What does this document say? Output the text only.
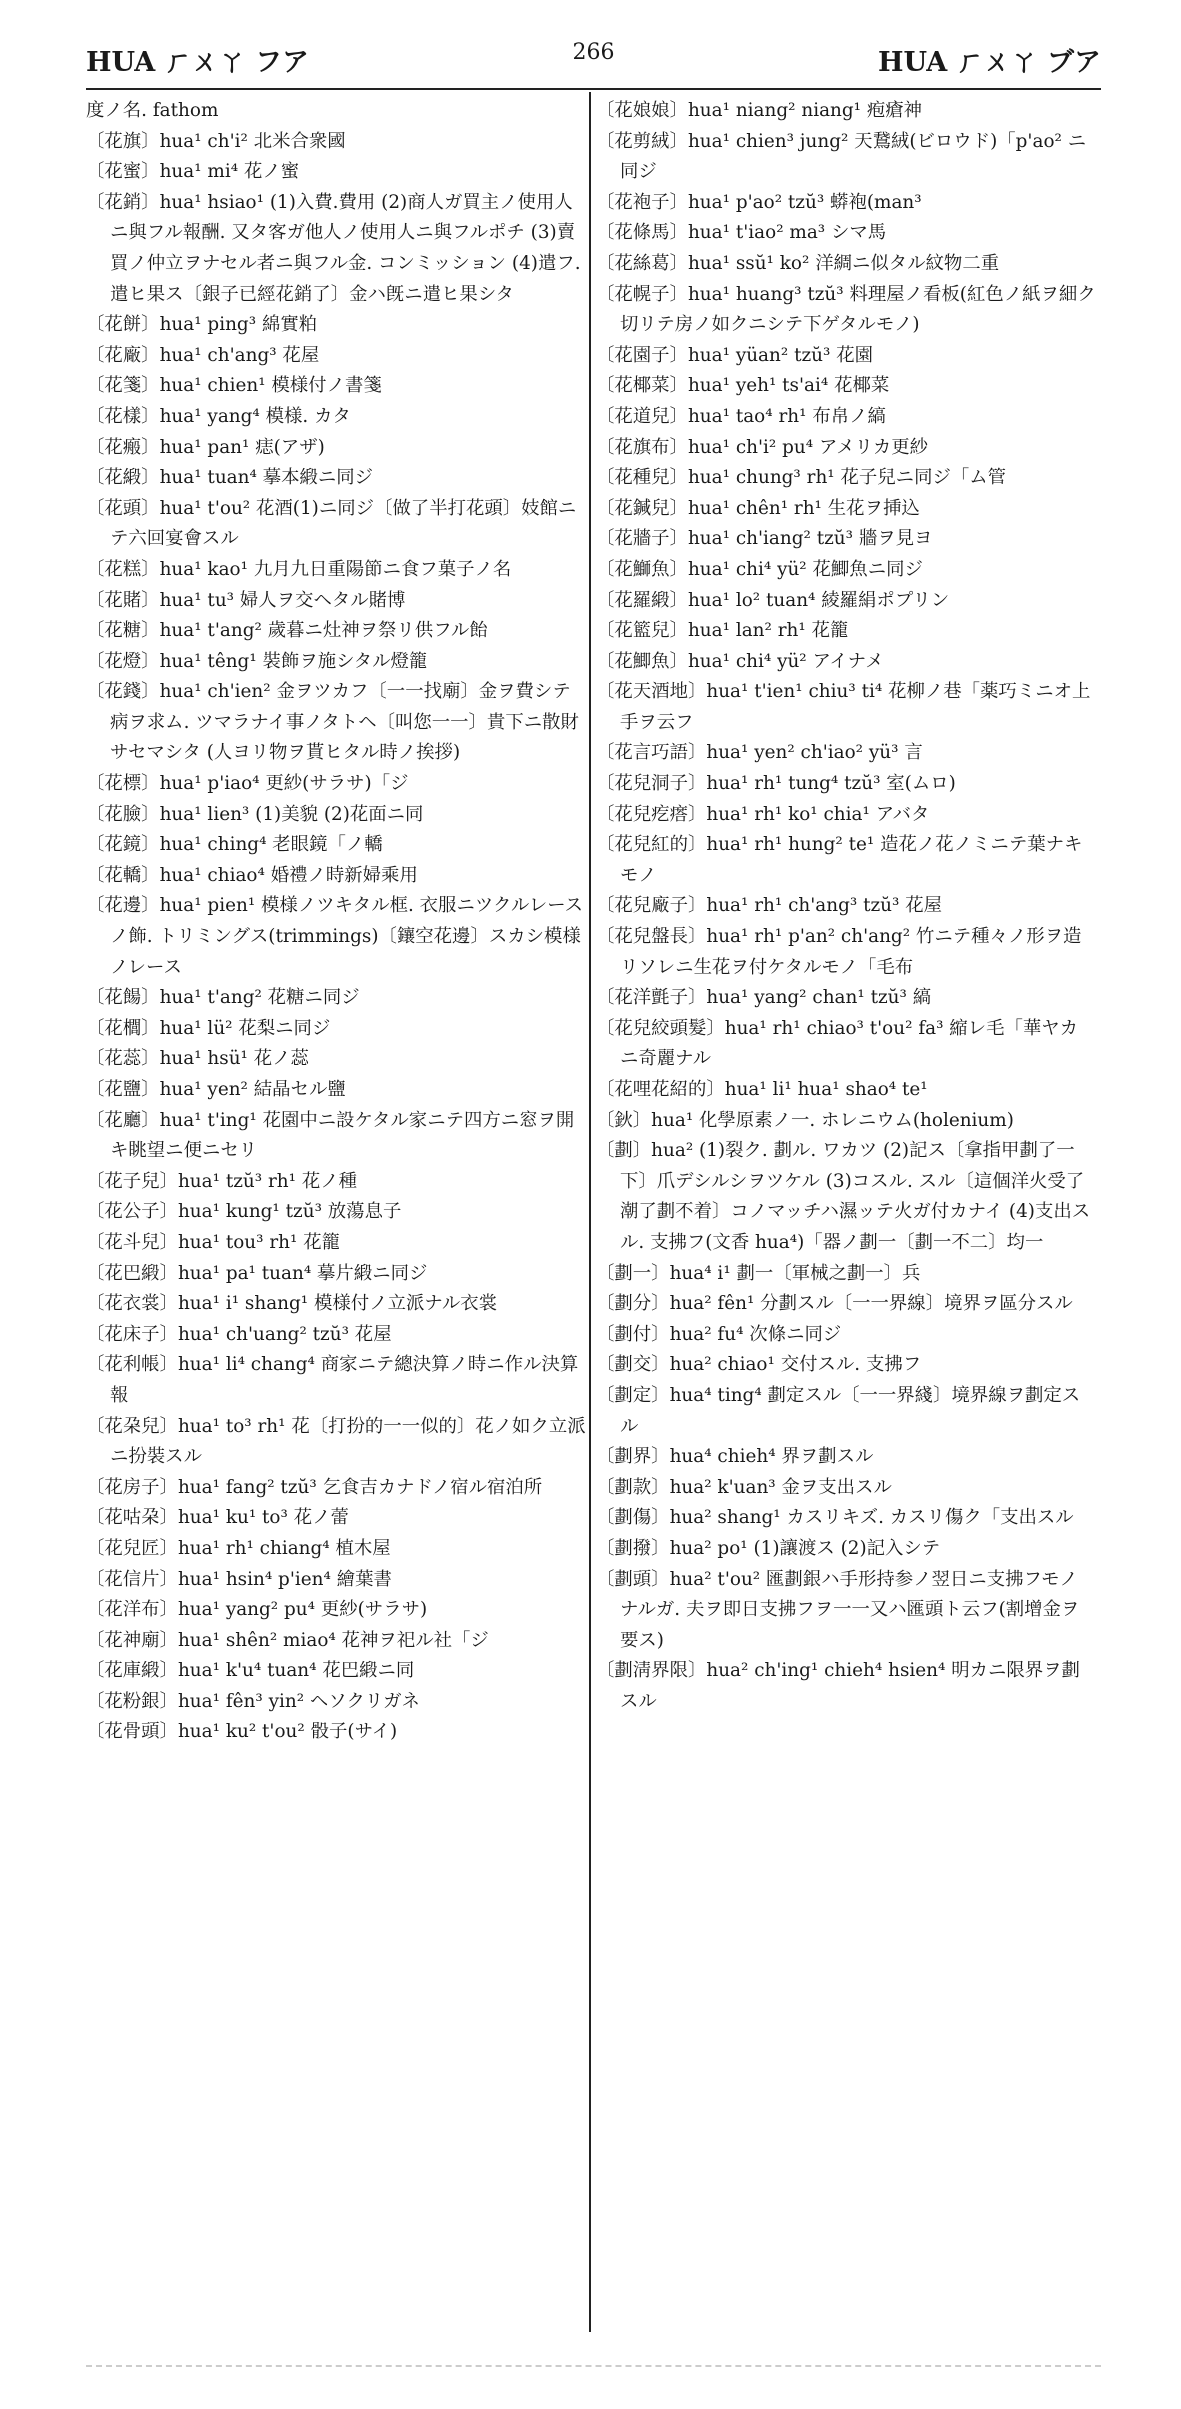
HUA ㄏㄨㄚ フア	266	HUA ㄏㄨㄚ ブア

度ノ名. fathom

〔花旗〕hua¹ ch'i² 北米合衆國

〔花蜜〕hua¹ mi⁴ 花ノ蜜

〔花銷〕hua¹ hsiao¹ (1)入費.費用 (2)商人ガ買主ノ使用人ニ與フル報酬. 又タ客ガ他人ノ使用人ニ與フルポチ (3)賣買ノ仲立ヲナセル者ニ與フル金. コンミッション (4)遣フ. 遣ヒ果ス〔銀子已經花銷了〕金ハ旣ニ遣ヒ果シタ

〔花餅〕hua¹ ping³ 綿實粕

〔花廠〕hua¹ ch'ang³ 花屋

〔花箋〕hua¹ chien¹ 模様付ノ書箋

〔花樣〕hua¹ yang⁴ 模様. カタ

〔花瘢〕hua¹ pan¹ 痣(アザ)

〔花緞〕hua¹ tuan⁴ 摹本緞ニ同ジ

〔花頭〕hua¹ t'ou² 花酒(1)ニ同ジ〔做了半打花頭〕妓館ニテ六回宴會スル

〔花糕〕hua¹ kao¹ 九月九日重陽節ニ食フ菓子ノ名

〔花賭〕hua¹ tu³ 婦人ヲ交ヘタル賭博

〔花糖〕hua¹ t'ang² 歲暮ニ灶神ヲ祭リ供フル飴

〔花燈〕hua¹ têng¹ 裝飾ヲ施シタル燈籠

〔花錢〕hua¹ ch'ien² 金ヲツカフ〔一一找廟〕金ヲ費シテ病ヲ求ム. ツマラナイ事ノタトヘ〔叫您一一〕貴下ニ散財サセマシタ (人ヨリ物ヲ貰ヒタル時ノ挨拶)

〔花標〕hua¹ p'iao⁴ 更紗(サラサ)「ジ

〔花臉〕hua¹ lien³ (1)美貌 (2)花面ニ同

〔花鏡〕hua¹ ching⁴ 老眼鏡「ノ轎

〔花轎〕hua¹ chiao⁴ 婚禮ノ時新婦乘用

〔花邊〕hua¹ pien¹ 模様ノツキタル框. 衣服ニツクルレースノ飾. トリミングス(trimmings)〔鑲空花邊〕スカシ模様ノレース

〔花餳〕hua¹ t'ang² 花糖ニ同ジ

〔花櫚〕hua¹ lü² 花梨ニ同ジ

〔花蕊〕hua¹ hsü¹ 花ノ蕊

〔花鹽〕hua¹ yen² 結晶セル鹽

〔花廳〕hua¹ t'ing¹ 花園中ニ設ケタル家ニテ四方ニ窓ヲ開キ眺望ニ便ニセリ

〔花子兒〕hua¹ tzŭ³ rh¹ 花ノ種

〔花公子〕hua¹ kung¹ tzŭ³ 放蕩息子

〔花斗兒〕hua¹ tou³ rh¹ 花籠

〔花巴緞〕hua¹ pa¹ tuan⁴ 摹片緞ニ同ジ

〔花衣裳〕hua¹ i¹ shang¹ 模様付ノ立派ナル衣裳

〔花床子〕hua¹ ch'uang² tzŭ³ 花屋

〔花利帳〕hua¹ li⁴ chang⁴ 商家ニテ總決算ノ時ニ作ル決算報

〔花朶兒〕hua¹ to³ rh¹ 花〔打扮的一一似的〕花ノ如ク立派ニ扮裝スル

〔花房子〕hua¹ fang² tzŭ³ 乞食吉カナドノ宿ル宿泊所

〔花咕朶〕hua¹ ku¹ to³ 花ノ蕾

〔花兒匠〕hua¹ rh¹ chiang⁴ 植木屋

〔花信片〕hua¹ hsin⁴ p'ien⁴ 繪葉書

〔花洋布〕hua¹ yang² pu⁴ 更紗(サラサ)

〔花神廟〕hua¹ shên² miao⁴ 花神ヲ祀ル社「ジ

〔花庫緞〕hua¹ k'u⁴ tuan⁴ 花巴緞ニ同

〔花粉銀〕hua¹ fên³ yin² ヘソクリガネ

〔花骨頭〕hua¹ ku² t'ou² 骰子(サイ)

〔花娘娘〕hua¹ niang² niang¹ 疱瘡神

〔花剪絨〕hua¹ chien³ jung² 天鵞絨(ビロウド)「p'ao² ニ同ジ

〔花袍子〕hua¹ p'ao² tzŭ³ 蟒袍(man³

〔花條馬〕hua¹ t'iao² ma³ シマ馬

〔花絲葛〕hua¹ ssŭ¹ ko² 洋綢ニ似タル紋物二重

〔花幌子〕hua¹ huang³ tzŭ³ 料理屋ノ看板(紅色ノ紙ヲ細ク切リテ房ノ如クニシテ下ゲタルモノ)

〔花園子〕hua¹ yüan² tzŭ³ 花園

〔花椰菜〕hua¹ yeh¹ ts'ai⁴ 花椰菜

〔花道兒〕hua¹ tao⁴ rh¹ 布帛ノ縞

〔花旗布〕hua¹ ch'i² pu⁴ アメリカ更紗

〔花種兒〕hua¹ chung³ rh¹ 花子兒ニ同ジ「ム管

〔花鍼兒〕hua¹ chên¹ rh¹ 生花ヲ挿込

〔花牆子〕hua¹ ch'iang² tzŭ³ 牆ヲ見ヨ

〔花鰤魚〕hua¹ chi⁴ yü² 花鯽魚ニ同ジ

〔花羅緞〕hua¹ lo² tuan⁴ 綾羅絹ポプリン

〔花籃兒〕hua¹ lan² rh¹ 花籠

〔花鯽魚〕hua¹ chi⁴ yü² アイナメ

〔花天酒地〕hua¹ t'ien¹ chiu³ ti⁴ 花柳ノ巷「薬巧ミニオ上手ヲ云フ

〔花言巧語〕hua¹ yen² ch'iao² yü³ 言

〔花兒洞子〕hua¹ rh¹ tung⁴ tzŭ³ 室(ムロ)

〔花兒疙瘩〕hua¹ rh¹ ko¹ chia¹ アバタ

〔花兒紅的〕hua¹ rh¹ hung² te¹ 造花ノ花ノミニテ葉ナキモノ

〔花兒廠子〕hua¹ rh¹ ch'ang³ tzŭ³ 花屋

〔花兒盤長〕hua¹ rh¹ p'an² ch'ang² 竹ニテ種々ノ形ヲ造リソレニ生花ヲ付ケタルモノ「毛布

〔花洋氈子〕hua¹ yang² chan¹ tzŭ³ 縞

〔花兒絞頭髮〕hua¹ rh¹ chiao³ t'ou² fa³ 縮レ毛「華ヤカニ奇麗ナル

〔花哩花紹的〕hua¹ li¹ hua¹ shao⁴ te¹

〔鈥〕hua¹ 化學原素ノ一. ホレニウム(holenium)

〔劃〕hua² (1)裂ク. 劃ル. ワカツ (2)記ス〔拿指甲劃了一下〕爪デシルシヲツケル (3)コスル. スル〔這個洋火受了潮了劃不着〕コノマッチハ濕ッテ火ガ付カナイ (4)支出スル. 支拂フ(文香 hua⁴)「器ノ劃一〔劃一不二〕均一

〔劃一〕hua⁴ i¹ 劃一〔軍械之劃一〕兵

〔劃分〕hua² fên¹ 分劃スル〔一一界線〕境界ヲ區分スル

〔劃付〕hua² fu⁴ 次條ニ同ジ

〔劃交〕hua² chiao¹ 交付スル. 支拂フ

〔劃定〕hua⁴ ting⁴ 劃定スル〔一一界綫〕境界線ヲ劃定スル

〔劃界〕hua⁴ chieh⁴ 界ヲ劃スル

〔劃款〕hua² k'uan³ 金ヲ支出スル

〔劃傷〕hua² shang¹ カスリキズ. カスリ傷ク「支出スル

〔劃撥〕hua² po¹ (1)讓渡ス (2)記入シテ

〔劃頭〕hua² t'ou² 匯劃銀ハ手形持参ノ翌日ニ支拂フモノナルガ. 夫ヲ即日支拂フヲ一一又ハ匯頭ト云フ(割增金ヲ要ス)

〔劃淸界限〕hua² ch'ing¹ chieh⁴ hsien⁴ 明カニ限界ヲ劃スル
